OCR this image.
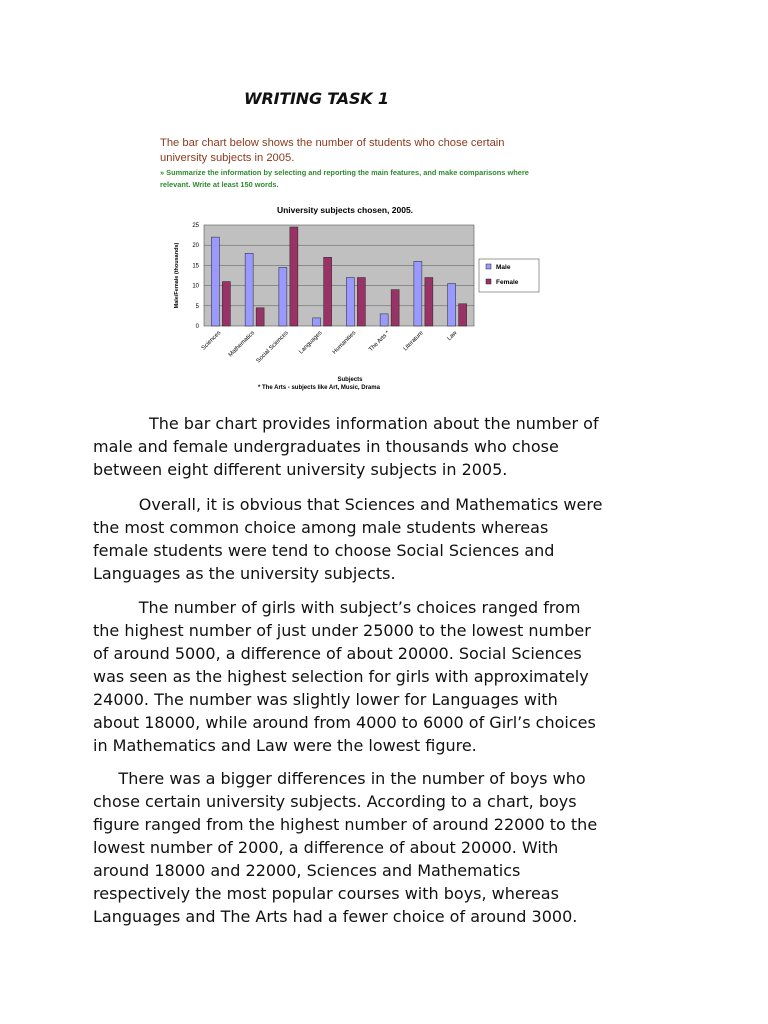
WRITING TASK 1

The bar chart below shows the number of students who chose certain university subjects in 2005.

» Summarize the information by selecting and reporting the main features, and make comparisons where relevant. Write at least 150 words.

University subjects chosen, 2005.
0
5
10
15
20
25
Sciences Mathematics Social Sciences Languages Humanities The Arts * Literature	Law
Male/Female (thousands)
Subjects
* The Arts - subjects like Art, Music, Drama
Male
Female

The bar chart provides information about the number of
male and female undergraduates in thousands who chose
between eight different university subjects in 2005.

Overall, it is obvious that Sciences and Mathematics were
the most common choice among male students whereas
female students were tend to choose Social Sciences and
Languages as the university subjects.

The number of girls with subject’s choices ranged from
the highest number of just under 25000 to the lowest number
of around 5000, a difference of about 20000. Social Sciences
was seen as the highest selection for girls with approximately
24000. The number was slightly lower for Languages with
about 18000, while around from 4000 to 6000 of Girl’s choices
in Mathematics and Law were the lowest figure.

There was a bigger differences in the number of boys who
chose certain university subjects. According to a chart, boys
figure ranged from the highest number of around 22000 to the
lowest number of 2000, a difference of about 20000. With
around 18000 and 22000, Sciences and Mathematics
respectively the most popular courses with boys, whereas
Languages and The Arts had a fewer choice of around 3000.
